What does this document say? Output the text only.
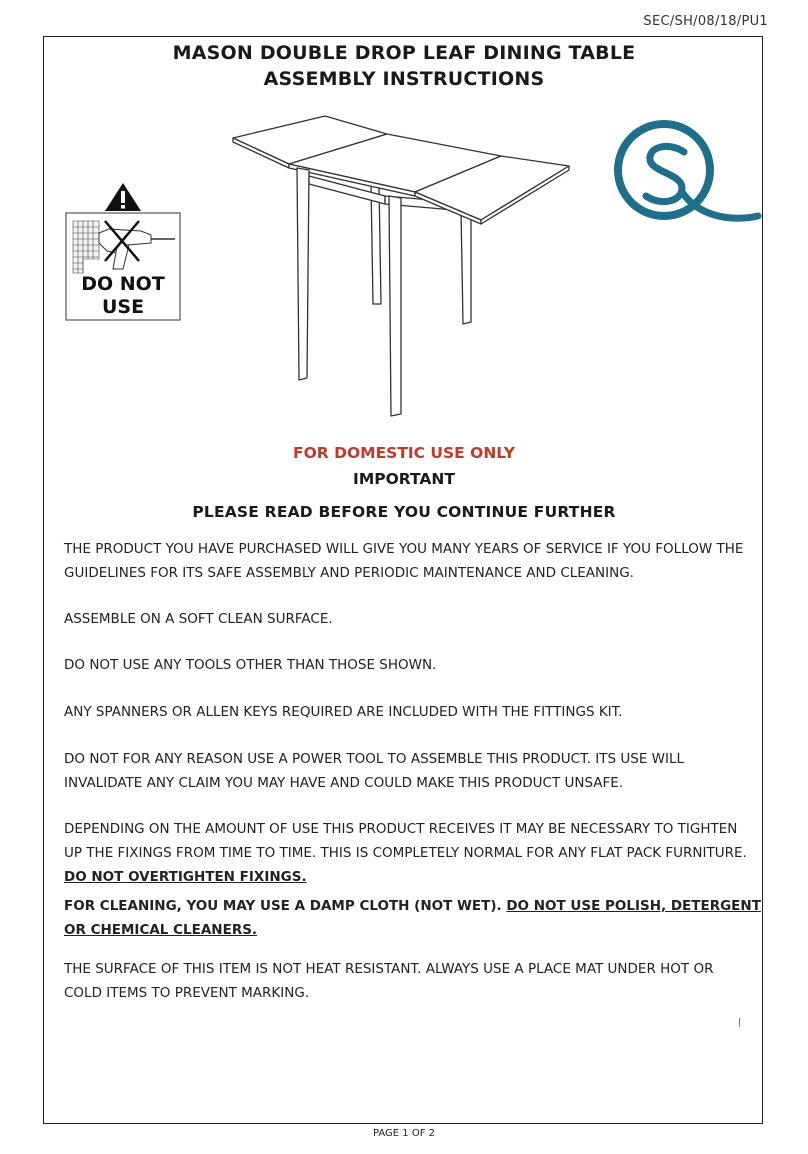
SEC/SH/08/18/PU1
MASON DOUBLE DROP LEAF DINING TABLE
ASSEMBLY INSTRUCTIONS
DO NOT
USE
FOR DOMESTIC USE ONLY
IMPORTANT
PLEASE READ BEFORE YOU CONTINUE FURTHER
THE PRODUCT YOU HAVE PURCHASED WILL GIVE YOU MANY YEARS OF SERVICE IF YOU FOLLOW THE
GUIDELINES FOR ITS SAFE ASSEMBLY AND PERIODIC MAINTENANCE AND CLEANING.
ASSEMBLE ON A SOFT CLEAN SURFACE.
DO NOT USE ANY TOOLS OTHER THAN THOSE SHOWN.
ANY SPANNERS OR ALLEN KEYS REQUIRED ARE INCLUDED WITH THE FITTINGS KIT.
DO NOT FOR ANY REASON USE A POWER TOOL TO ASSEMBLE THIS PRODUCT. ITS USE WILL
INVALIDATE ANY CLAIM YOU MAY HAVE AND COULD MAKE THIS PRODUCT UNSAFE.
DEPENDING ON THE AMOUNT OF USE THIS PRODUCT RECEIVES IT MAY BE NECESSARY TO TIGHTEN
UP THE FIXINGS FROM TIME TO TIME. THIS IS COMPLETELY NORMAL FOR ANY FLAT PACK FURNITURE.
DO NOT OVERTIGHTEN FIXINGS.
FOR CLEANING, YOU MAY USE A DAMP CLOTH (NOT WET). DO NOT USE POLISH, DETERGENT
OR CHEMICAL CLEANERS.
THE SURFACE OF THIS ITEM IS NOT HEAT RESISTANT. ALWAYS USE A PLACE MAT UNDER HOT OR
COLD ITEMS TO PREVENT MARKING.
PAGE 1 OF 2
